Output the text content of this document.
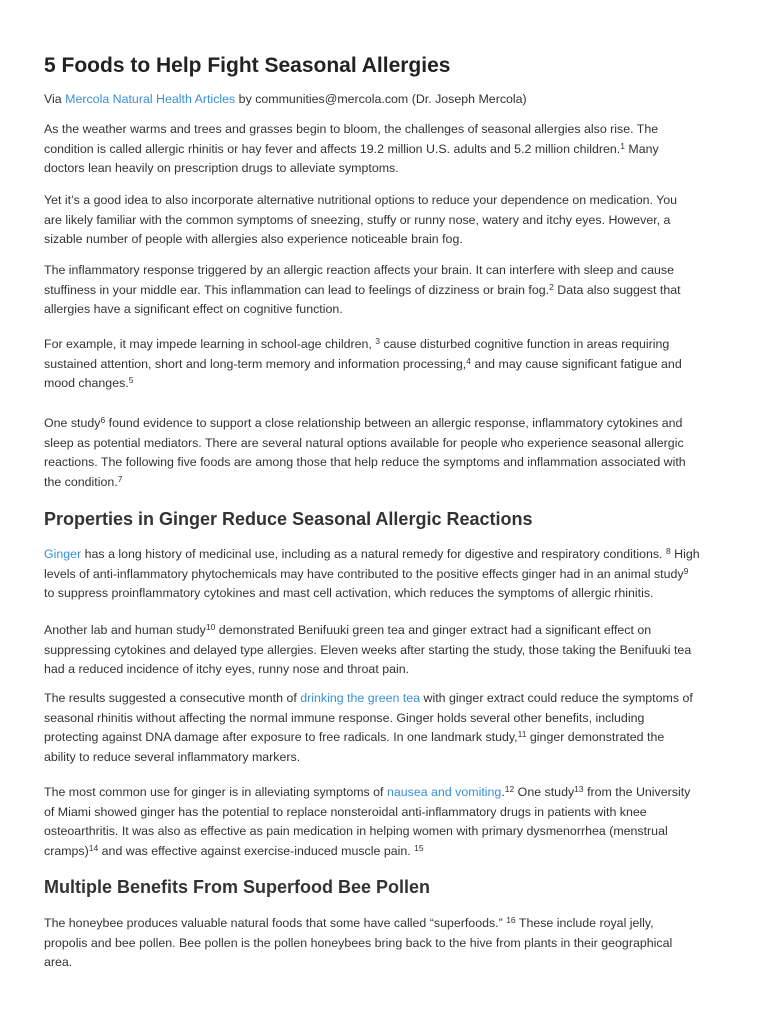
5 Foods to Help Fight Seasonal Allergies
Via Mercola Natural Health Articles by communities@mercola.com (Dr. Joseph Mercola)
As the weather warms and trees and grasses begin to bloom, the challenges of seasonal allergies also rise. The
condition is called allergic rhinitis or hay fever and affects 19.2 million U.S. adults and 5.2 million children.$^1$ Many
doctors lean heavily on prescription drugs to alleviate symptoms.
Yet it’s a good idea to also incorporate alternative nutritional options to reduce your dependence on medication. You
are likely familiar with the common symptoms of sneezing, stuffy or runny nose, watery and itchy eyes. However, a
sizable number of people with allergies also experience noticeable brain fog.
The inflammatory response triggered by an allergic reaction affects your brain. It can interfere with sleep and cause
stuffiness in your middle ear. This inflammation can lead to feelings of dizziness or brain fog.$^2$ Data also suggest that
allergies have a significant effect on cognitive function.
For example, it may impede learning in school-age children, $^3$ cause disturbed cognitive function in areas requiring
sustained attention, short and long-term memory and information processing,$^4$ and may cause significant fatigue and
mood changes.$^5$
One study$^6$ found evidence to support a close relationship between an allergic response, inflammatory cytokines and
sleep as potential mediators. There are several natural options available for people who experience seasonal allergic
reactions. The following five foods are among those that help reduce the symptoms and inflammation associated with
the condition.$^7$
Properties in Ginger Reduce Seasonal Allergic Reactions
Ginger has a long history of medicinal use, including as a natural remedy for digestive and respiratory conditions. $^8$ High
levels of anti-inflammatory phytochemicals may have contributed to the positive effects ginger had in an animal study$^9$
to suppress proinflammatory cytokines and mast cell activation, which reduces the symptoms of allergic rhinitis.
Another lab and human study$^{10}$ demonstrated Benifuuki green tea and ginger extract had a significant effect on
suppressing cytokines and delayed type allergies. Eleven weeks after starting the study, those taking the Benifuuki tea
had a reduced incidence of itchy eyes, runny nose and throat pain.
The results suggested a consecutive month of drinking the green tea with ginger extract could reduce the symptoms of
seasonal rhinitis without affecting the normal immune response. Ginger holds several other benefits, including
protecting against DNA damage after exposure to free radicals. In one landmark study,$^{11}$ ginger demonstrated the
ability to reduce several inflammatory markers.
The most common use for ginger is in alleviating symptoms of nausea and vomiting.$^{12}$ One study$^{13}$ from the University
of Miami showed ginger has the potential to replace nonsteroidal anti-inflammatory drugs in patients with knee
osteoarthritis. It was also as effective as pain medication in helping women with primary dysmenorrhea (menstrual
cramps)$^{14}$ and was effective against exercise-induced muscle pain. $^{15}$
Multiple Benefits From Superfood Bee Pollen
The honeybee produces valuable natural foods that some have called “superfoods.” $^{16}$ These include royal jelly,
propolis and bee pollen. Bee pollen is the pollen honeybees bring back to the hive from plants in their geographical
area.
